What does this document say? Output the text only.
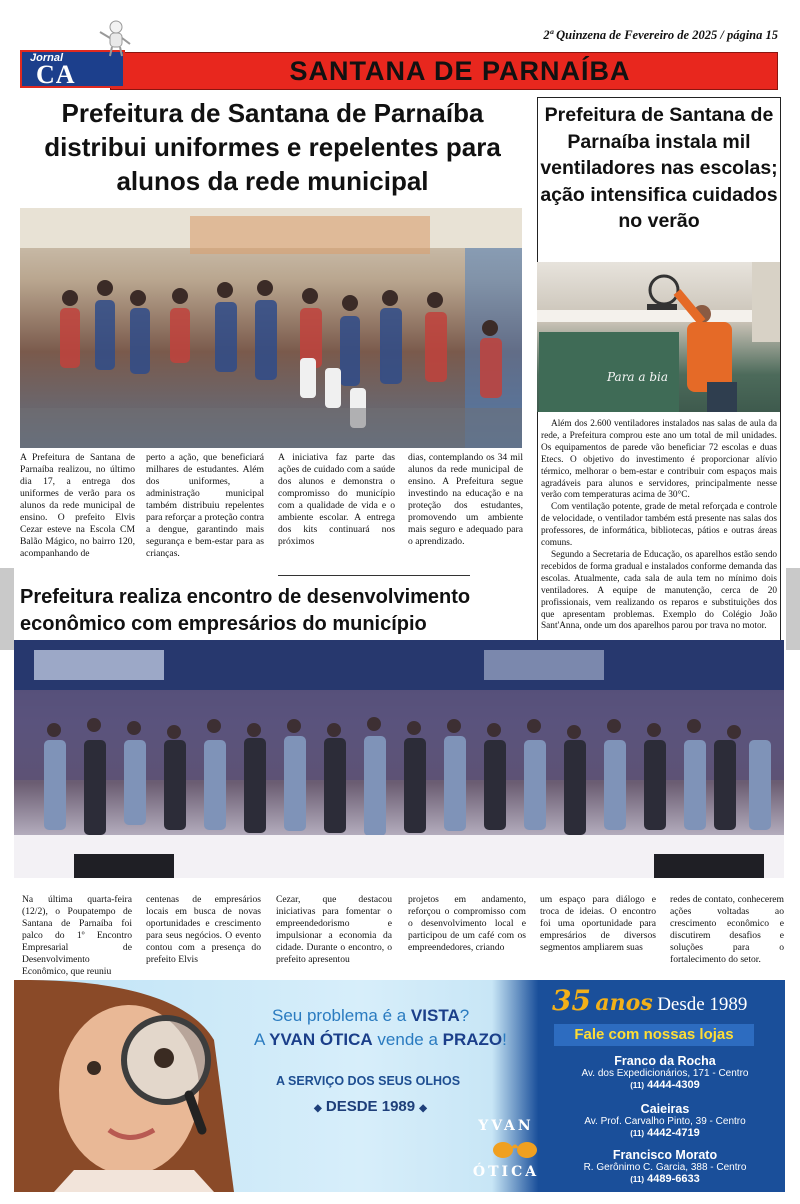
2ª Quinzena de Fevereiro de 2025 / página 15
Jornal
CA	SANTANA DE PARNAÍBA
Prefeitura de Santana de Parnaíba distribui uniformes e repelentes para alunos da rede municipal
A Prefeitura de Santana de Parnaíba realizou, no último dia 17, a entrega dos uniformes de verão para os alunos da rede municipal de ensino. O prefeito Elvis Cezar esteve na Escola CM Balão Mágico, no bairro 120, acompanhando de
perto a ação, que beneficiará milhares de estudantes. Além dos uniformes, a administração municipal também distribuiu repelentes para reforçar a proteção contra a dengue, garantindo mais segurança e bem-estar para as crianças.
A iniciativa faz parte das ações de cuidado com a saúde dos alunos e demonstra o compromisso do município com a qualidade de vida e o ambiente escolar. A entrega dos kits continuará nos próximos
dias, contemplando os 34 mil alunos da rede municipal de ensino. A Prefeitura segue investindo na educação e na proteção dos estudantes, promovendo um ambiente mais seguro e adequado para o aprendizado.
Prefeitura de Santana de Parnaíba instala mil ventiladores nas escolas; ação intensifica cuidados no verão
Para a bia

Além dos 2.600 ventiladores instalados nas salas de aula da rede, a Prefeitura comprou este ano um total de mil unidades. Os equipamentos de parede vão beneficiar 72 escolas e duas Etecs. O objetivo do investimento é proporcionar alívio térmico, melhorar o bem-estar e contribuir com espaços mais agradáveis para alunos e servidores, principalmente nesse verão com temperaturas acima de 30°C.

Com ventilação potente, grade de metal reforçada e controle de velocidade, o ventilador também está presente nas salas dos professores, de informática, bibliotecas, pátios e outras áreas comuns.

Segundo a Secretaria de Educação, os aparelhos estão sendo recebidos de forma gradual e instalados conforme demanda das escolas. Atualmente, cada sala de aula tem no mínimo dois ventiladores. A equipe de manutenção, cerca de 20 profissionais, vem realizando os reparos e substituições dos que apresentam problemas. Exemplo do Colégio João Sant'Anna, onde um dos aparelhos parou por trava no motor.

Prefeitura realiza encontro de desenvolvimento econômico com empresários do município
Na última quarta-feira (12/2), o Poupatempo de Santana de Parnaíba foi palco do 1º Encontro Empresarial de Desenvolvimento Econômico, que reuniu
centenas de empresários locais em busca de novas oportunidades e crescimento para seus negócios. O evento contou com a presença do prefeito Elvis
Cezar, que destacou iniciativas para fomentar o empreendedorismo e impulsionar a economia da cidade. Durante o encontro, o prefeito apresentou
projetos em andamento, reforçou o compromisso com o desenvolvimento local e participou de um café com os empreendedores, criando
um espaço para diálogo e troca de ideias. O encontro foi uma oportunidade para empresários de diversos segmentos ampliarem suas
redes de contato, conhecerem ações voltadas ao crescimento econômico e discutirem desafios e soluções para o fortalecimento do setor.
Seu problema é a VISTA?
A YVAN ÓTICA vende a PRAZO!
A SERVIÇO DOS SEUS OLHOS
◆ DESDE 1989 ◆
YVAN
ÓTICA
35 anos Desde 1989
Fale com nossas lojas
Franco da Rocha
Av. dos Expedicionários, 171 - Centro
(11) 4444-4309
Caieiras
Av. Prof. Carvalho Pinto, 39 - Centro
(11) 4442-4719
Francisco Morato
R. Gerônimo C. Garcia, 388 - Centro
(11) 4489-6633
